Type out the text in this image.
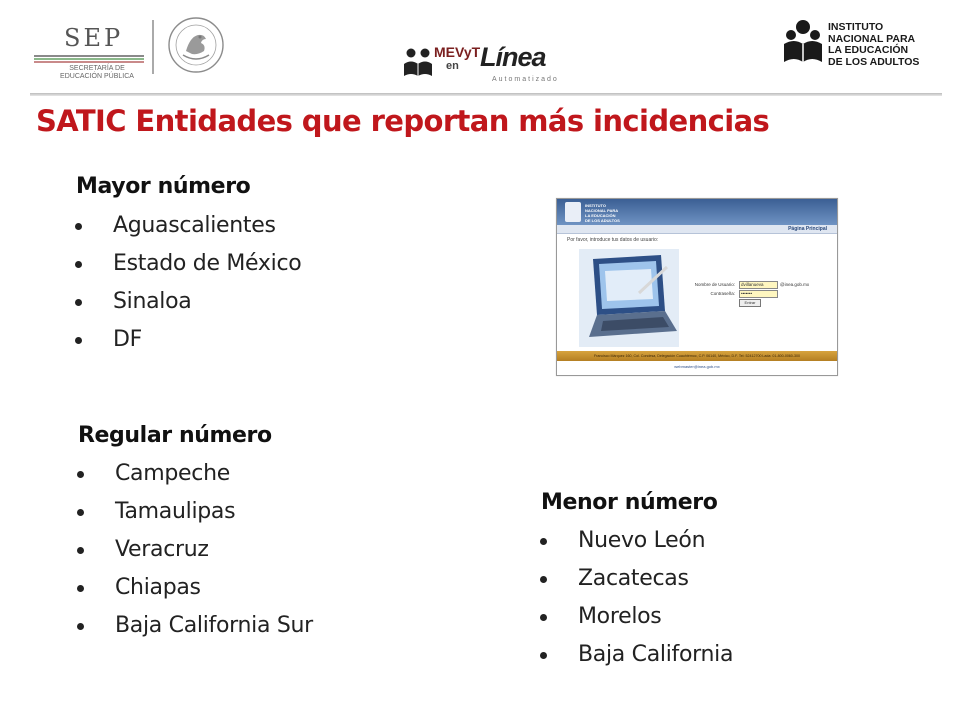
SEP
SECRETARÍA DE
EDUCACIÓN PÚBLICA
MEVyT
en Línea
Automatizado
INSTITUTO
NACIONAL PARA
LA EDUCACIÓN
DE LOS ADULTOS
SATIC Entidades que reportan más incidencias
Mayor número
Aguascalientes
Estado de México
Sinaloa
DF
INSTITUTO
NACIONAL PARA
LA EDUCACIÓN
DE LOS ADULTOS
Página Principal
Por favor, introduce tus datos de usuario:
Nombre de Usuario:	dvillanueva	@inea.gob.mx
Contraseña:	•••••••
Entrar
Francisco Márquez 160, Col. Condesa, Delegación Cuauhtémoc, C.P. 06140, México, D.F. Tel: 52412700 Lada: 01-800-0060-300
webmaster@inea.gob.mx
Regular número
Campeche
Tamaulipas
Veracruz
Chiapas
Baja California Sur
Menor número
Nuevo León
Zacatecas
Morelos
Baja California
